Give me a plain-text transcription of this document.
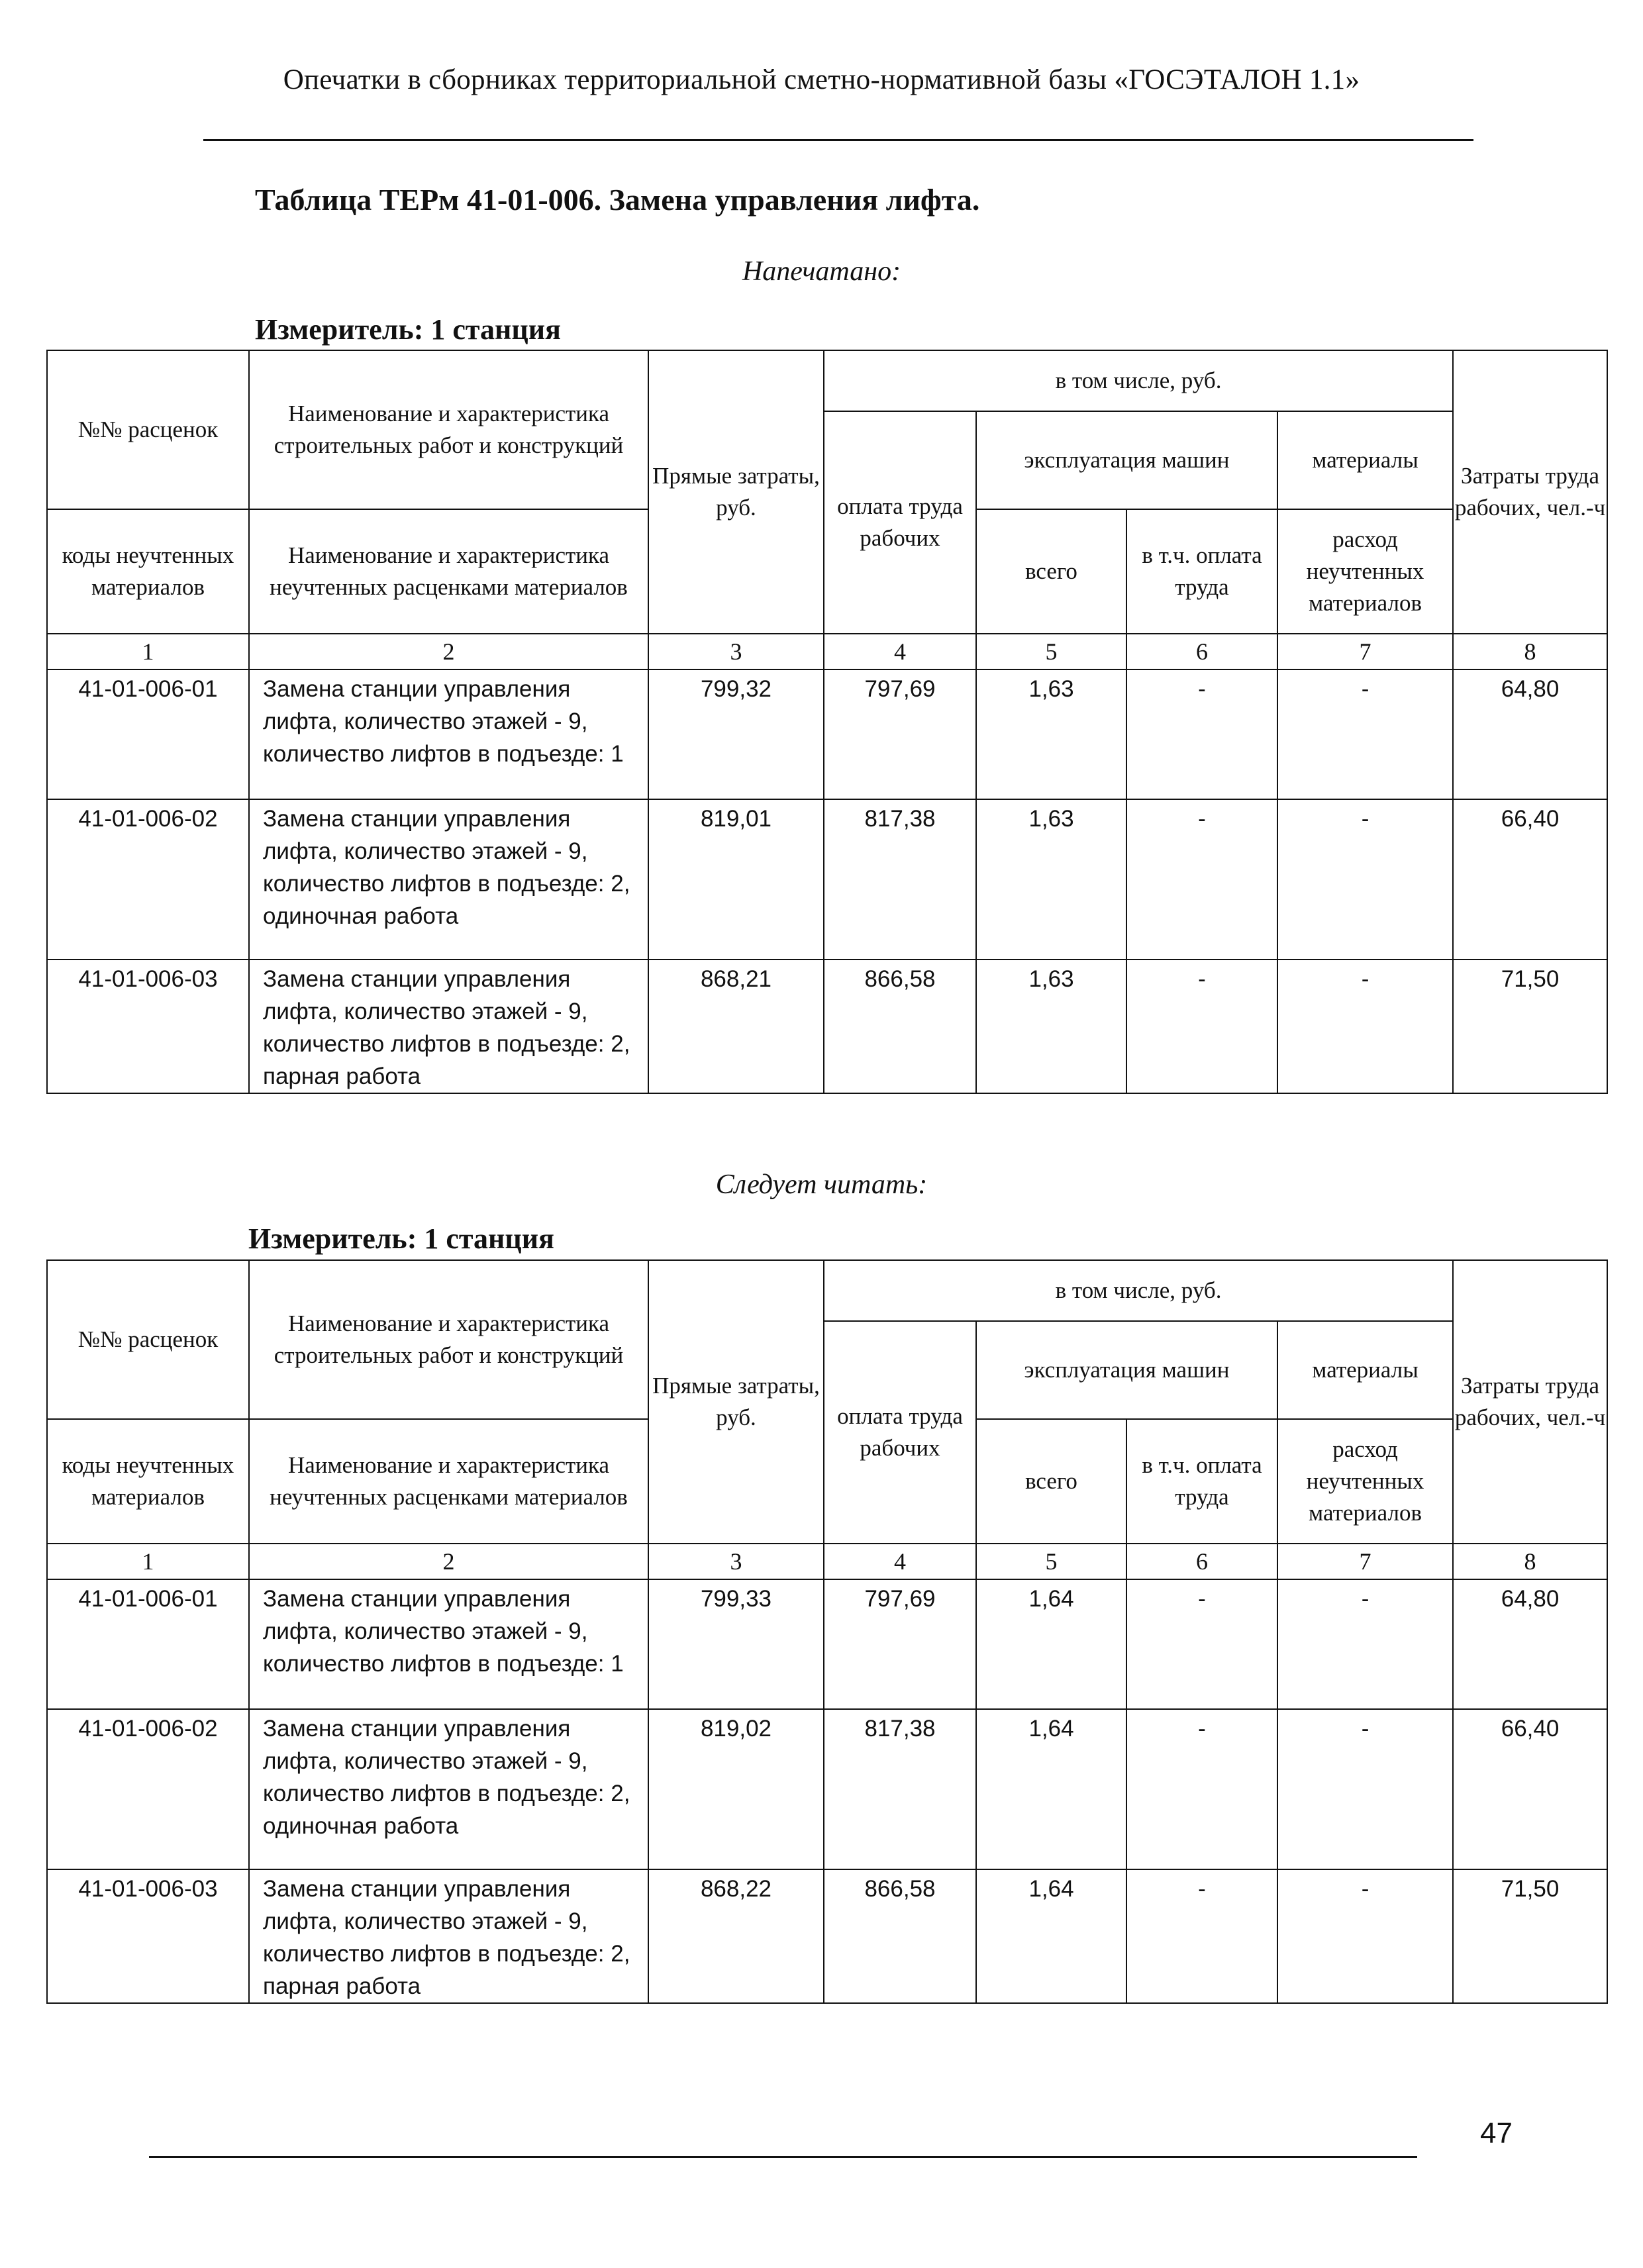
Опечатки в сборниках территориальной сметно-нормативной базы «ГОСЭТАЛОН 1.1»
Таблица ТЕРм 41-01-006. Замена управления лифта.
Напечатано:
Измеритель: 1 станция
№№ расценок	Наименование и характеристика строительных работ и конструкций	Прямые затраты, руб.	в том числе, руб.				Затраты труда рабочих, чел.-ч
			оплата труда рабочих	эксплуатация машин		материалы	
коды неучтенных материалов	Наименование и характеристика неучтенных расценками материалов			всего	в т.ч. оплата труда	расход неучтенных материалов	

1	2	3	4	5	6	7	8
41-01-006-01	Замена станции управления лифта, количество этажей - 9, количество лифтов в подъезде: 1	799,32	797,69	1,63	-	-	64,80
41-01-006-02	Замена станции управления лифта, количество этажей - 9, количество лифтов в подъезде: 2, одиночная работа	819,01	817,38	1,63	-	-	66,40
41-01-006-03	Замена станции управления лифта, количество этажей - 9, количество лифтов в подъезде: 2, парная работа	868,21	866,58	1,63	-	-	71,50
Следует читать:
Измеритель: 1 станция
№№ расценок	Наименование и характеристика строительных работ и конструкций	Прямые затраты, руб.	в том числе, руб.				Затраты труда рабочих, чел.-ч
			оплата труда рабочих	эксплуатация машин		материалы	
коды неучтенных материалов	Наименование и характеристика неучтенных расценками материалов			всего	в т.ч. оплата труда	расход неучтенных материалов	

1	2	3	4	5	6	7	8
41-01-006-01	Замена станции управления лифта, количество этажей - 9, количество лифтов в подъезде: 1	799,33	797,69	1,64	-	-	64,80
41-01-006-02	Замена станции управления лифта, количество этажей - 9, количество лифтов в подъезде: 2, одиночная работа	819,02	817,38	1,64	-	-	66,40
41-01-006-03	Замена станции управления лифта, количество этажей - 9, количество лифтов в подъезде: 2, парная работа	868,22	866,58	1,64	-	-	71,50
47
